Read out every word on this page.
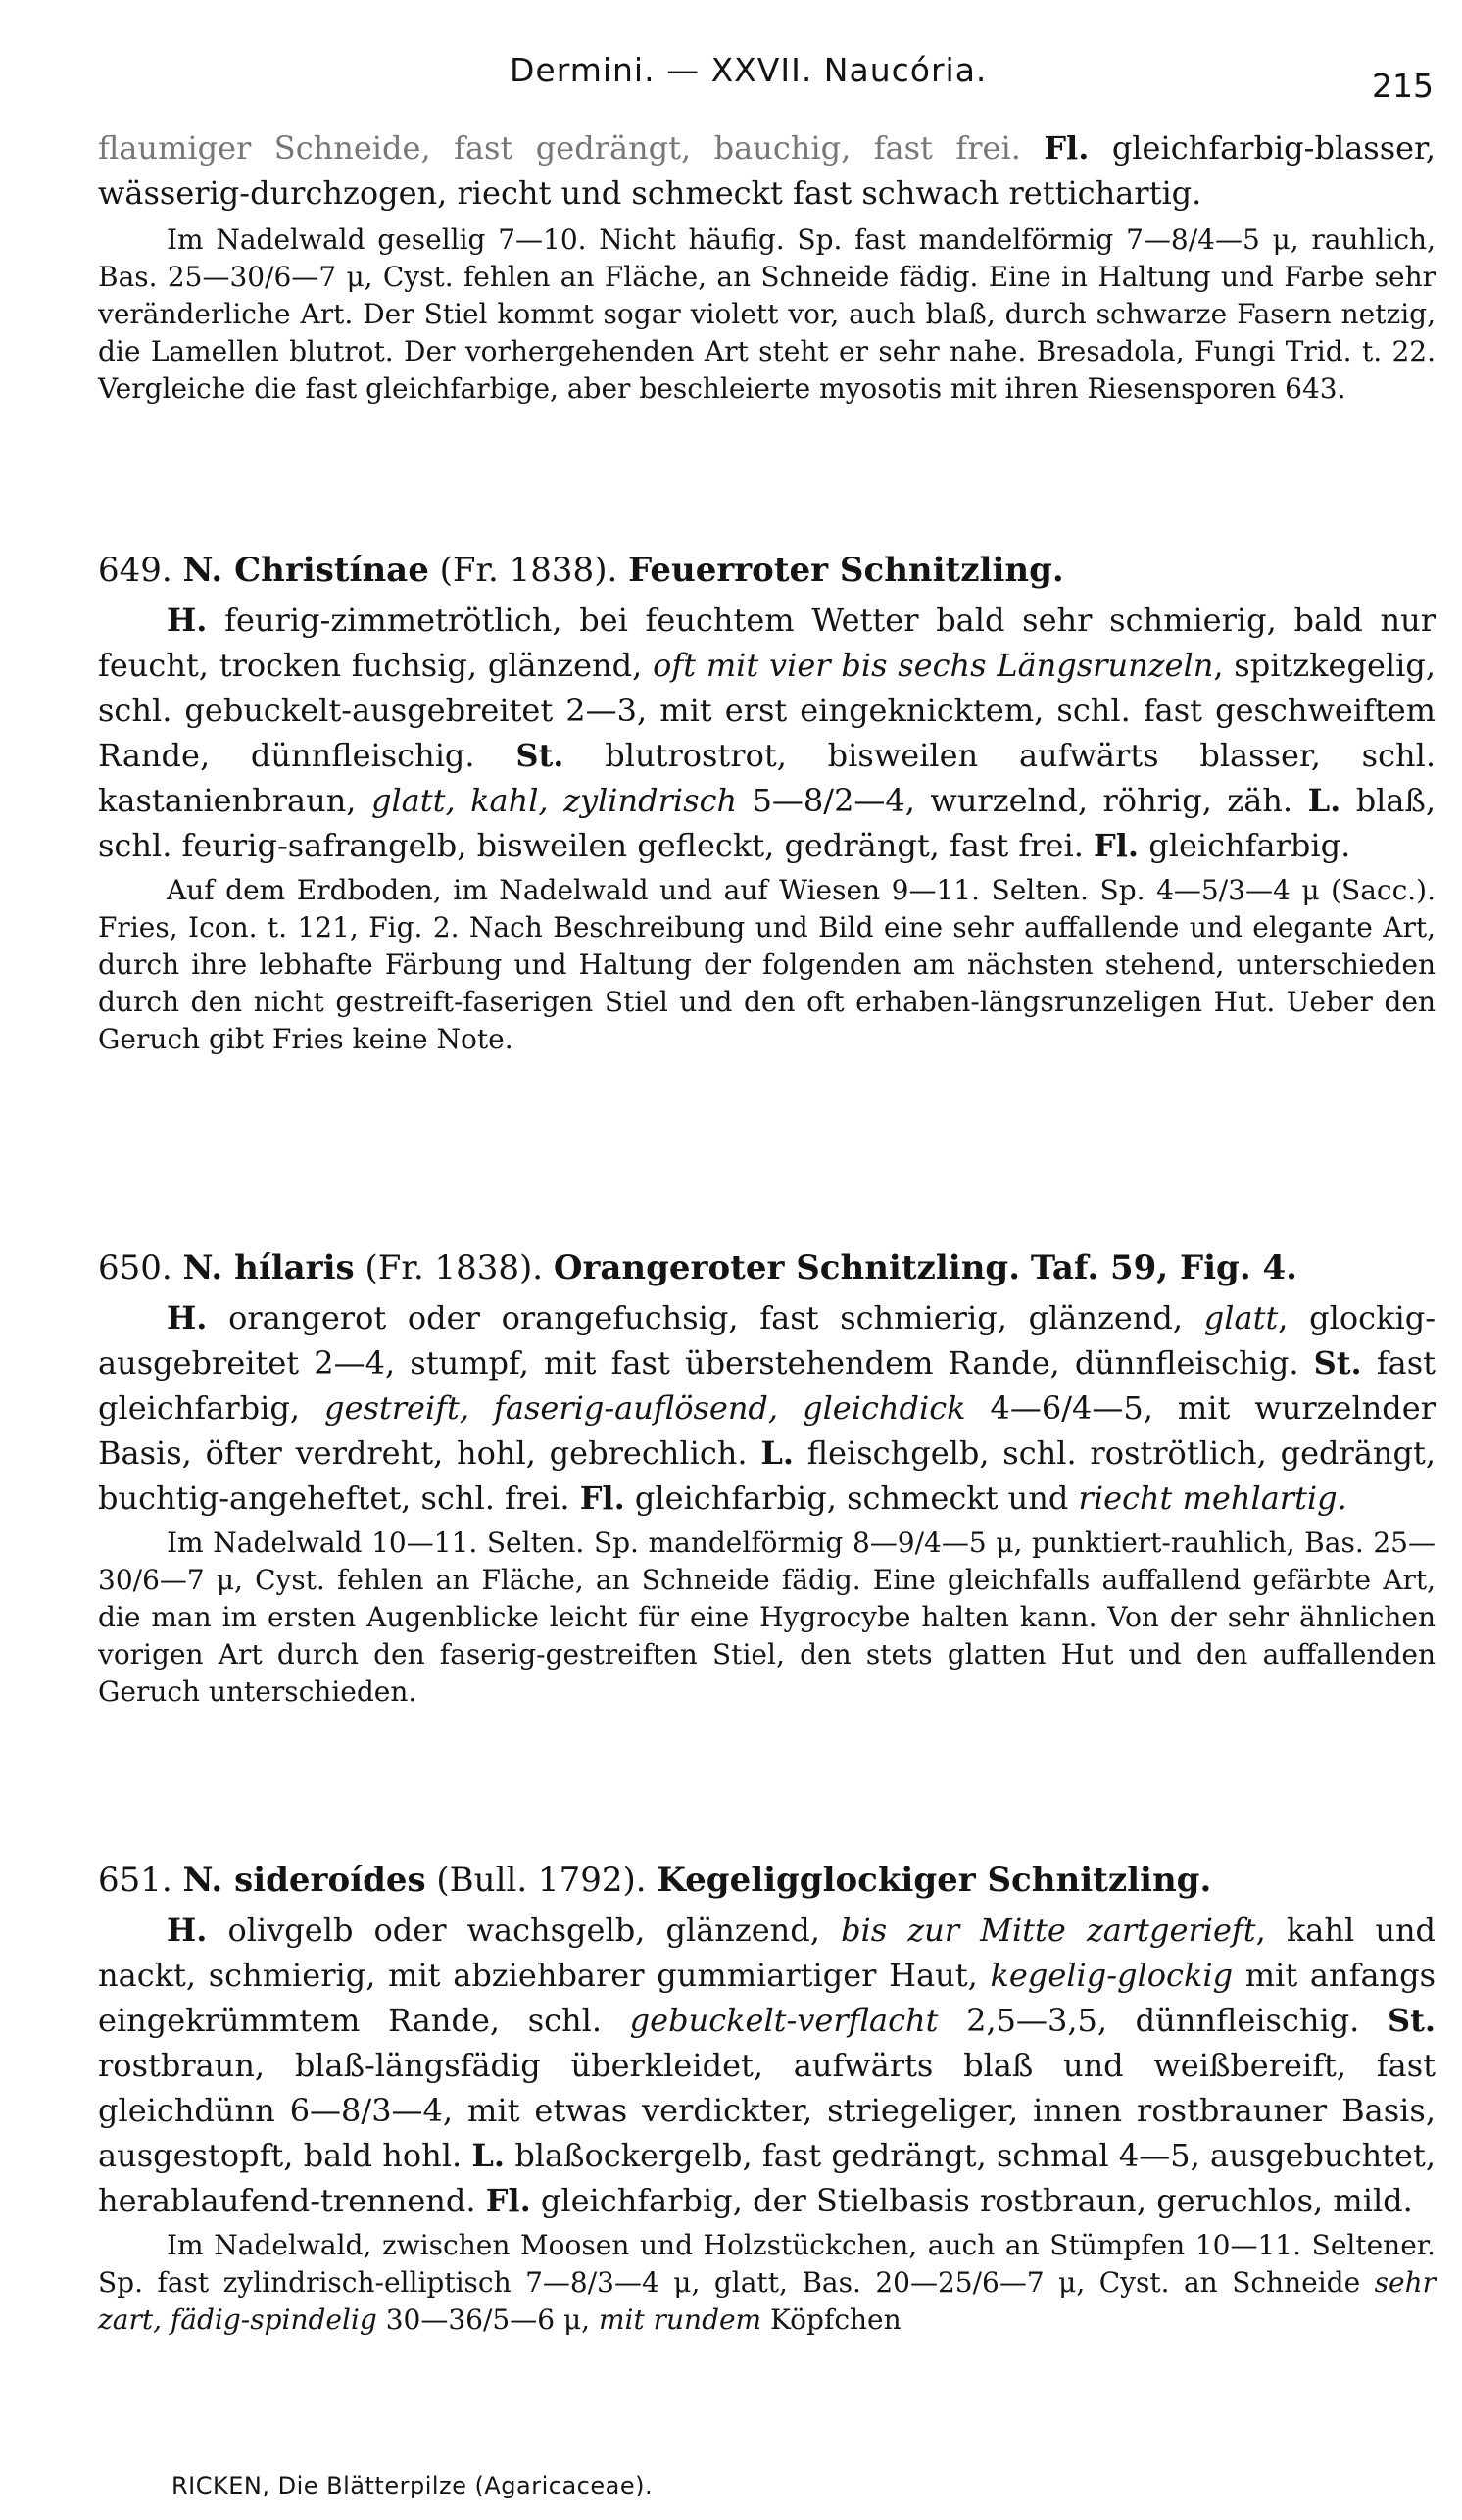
Dermini. — XXVII. Naucória.	215

flaumiger Schneide, fast gedrängt, bauchig, fast frei. Fl. gleichfarbig-blasser, wässerig-durchzogen, riecht und schmeckt fast schwach rettichartig.

Im Nadelwald gesellig 7—10. Nicht häufig. Sp. fast mandelförmig 7—8/4—5 μ, rauhlich, Bas. 25—30/6—7 μ, Cyst. fehlen an Fläche, an Schneide fädig. Eine in Haltung und Farbe sehr veränderliche Art. Der Stiel kommt sogar violett vor, auch blaß, durch schwarze Fasern netzig, die Lamellen blutrot. Der vorhergehenden Art steht er sehr nahe. Bresadola, Fungi Trid. t. 22. Vergleiche die fast gleichfarbige, aber beschleierte myosotis mit ihren Riesensporen 643.

649. N. Christínae (Fr. 1838). Feuerroter Schnitzling.

H. feurig-zimmetrötlich, bei feuchtem Wetter bald sehr schmierig, bald nur feucht, trocken fuchsig, glänzend, oft mit vier bis sechs Längsrunzeln, spitzkegelig, schl. gebuckelt-ausgebreitet 2—3, mit erst eingeknicktem, schl. fast geschweiftem Rande, dünnfleischig. St. blutrostrot, bisweilen aufwärts blasser, schl. kastanienbraun, glatt, kahl, zylindrisch 5—8/2—4, wurzelnd, röhrig, zäh. L. blaß, schl. feurig-safrangelb, bisweilen gefleckt, gedrängt, fast frei. Fl. gleichfarbig.

Auf dem Erdboden, im Nadelwald und auf Wiesen 9—11. Selten. Sp. 4—5/3—4 μ (Sacc.). Fries, Icon. t. 121, Fig. 2. Nach Beschreibung und Bild eine sehr auffallende und elegante Art, durch ihre lebhafte Färbung und Haltung der folgenden am nächsten stehend, unterschieden durch den nicht gestreift-faserigen Stiel und den oft erhaben-längsrunzeligen Hut. Ueber den Geruch gibt Fries keine Note.

650. N. hílaris (Fr. 1838). Orangeroter Schnitzling. Taf. 59, Fig. 4.

H. orangerot oder orangefuchsig, fast schmierig, glänzend, glatt, glockig-ausgebreitet 2—4, stumpf, mit fast überstehendem Rande, dünnfleischig. St. fast gleichfarbig, gestreift, faserig-auflösend, gleichdick 4—6/4—5, mit wurzelnder Basis, öfter verdreht, hohl, gebrechlich. L. fleischgelb, schl. roströtlich, gedrängt, buchtig-angeheftet, schl. frei. Fl. gleichfarbig, schmeckt und riecht mehlartig.

Im Nadelwald 10—11. Selten. Sp. mandelförmig 8—9/4—5 μ, punktiert-rauhlich, Bas. 25—30/6—7 μ, Cyst. fehlen an Fläche, an Schneide fädig. Eine gleichfalls auffallend gefärbte Art, die man im ersten Augenblicke leicht für eine Hygrocybe halten kann. Von der sehr ähnlichen vorigen Art durch den faserig-gestreiften Stiel, den stets glatten Hut und den auffallenden Geruch unterschieden.

651. N. sideroídes (Bull. 1792). Kegeligglockiger Schnitzling.

H. olivgelb oder wachsgelb, glänzend, bis zur Mitte zartgerieft, kahl und nackt, schmierig, mit abziehbarer gummiartiger Haut, kegelig-glockig mit anfangs eingekrümmtem Rande, schl. gebuckelt-verflacht 2,5—3,5, dünnfleischig. St. rostbraun, blaß-längsfädig überkleidet, aufwärts blaß und weißbereift, fast gleichdünn 6—8/3—4, mit etwas verdickter, striegeliger, innen rostbrauner Basis, ausgestopft, bald hohl. L. blaßockergelb, fast gedrängt, schmal 4—5, ausgebuchtet, herablaufend-trennend. Fl. gleichfarbig, der Stielbasis rostbraun, geruchlos, mild.

Im Nadelwald, zwischen Moosen und Holzstückchen, auch an Stümpfen 10—11. Seltener. Sp. fast zylindrisch-elliptisch 7—8/3—4 μ, glatt, Bas. 20—25/6—7 μ, Cyst. an Schneide sehr zart, fädig-spindelig 30—36/5—6 μ, mit rundem Köpfchen

RICKEN, Die Blätterpilze (Agaricaceae).
